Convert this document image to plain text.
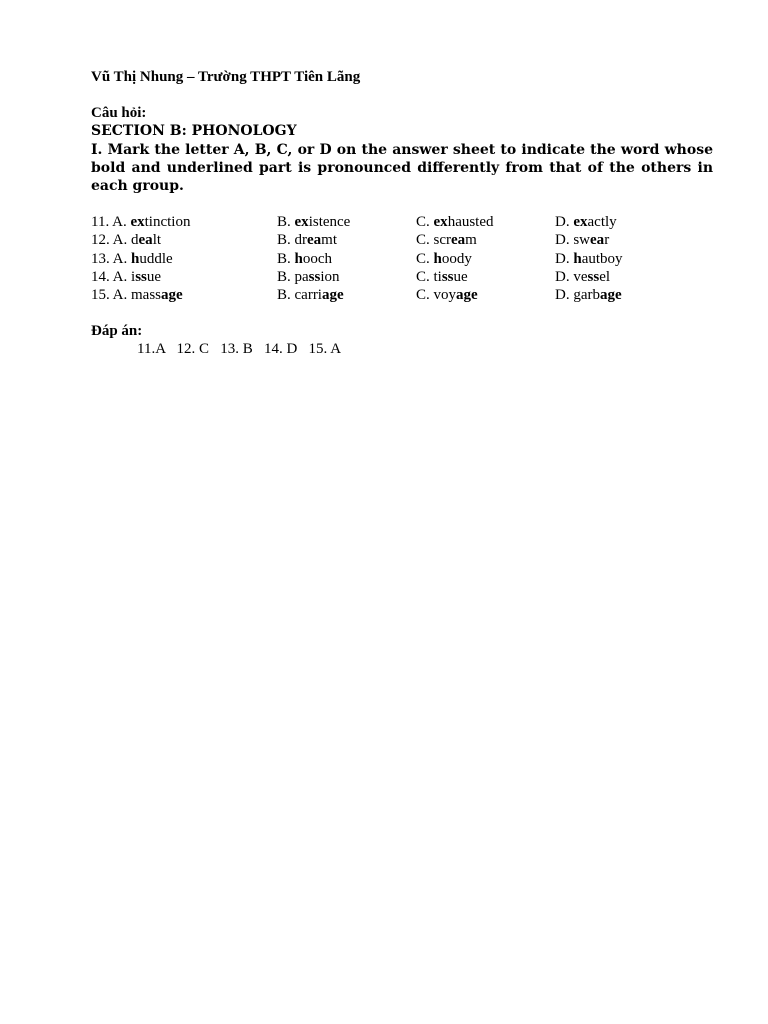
Vũ Thị Nhung – Trường THPT Tiên Lãng
Câu hỏi:
SECTION B: PHONOLOGY
I. Mark the letter A, B, C, or D on the answer sheet to indicate the word whose bold and underlined part is pronounced differently from that of the others in each group.
11. A. extinction	B. existence	C. exhausted	D. exactly
12. A. dealt	B. dreamt	C. scream	D. swear
13. A. huddle	B. hooch	C. hoody	D. hautboy
14. A. issue	B. passion	C. tissue	D. vessel
15. A. massage	B. carriage	C. voyage	D. garbage
Đáp án:
11.A   12. C   13. B   14. D   15. A
